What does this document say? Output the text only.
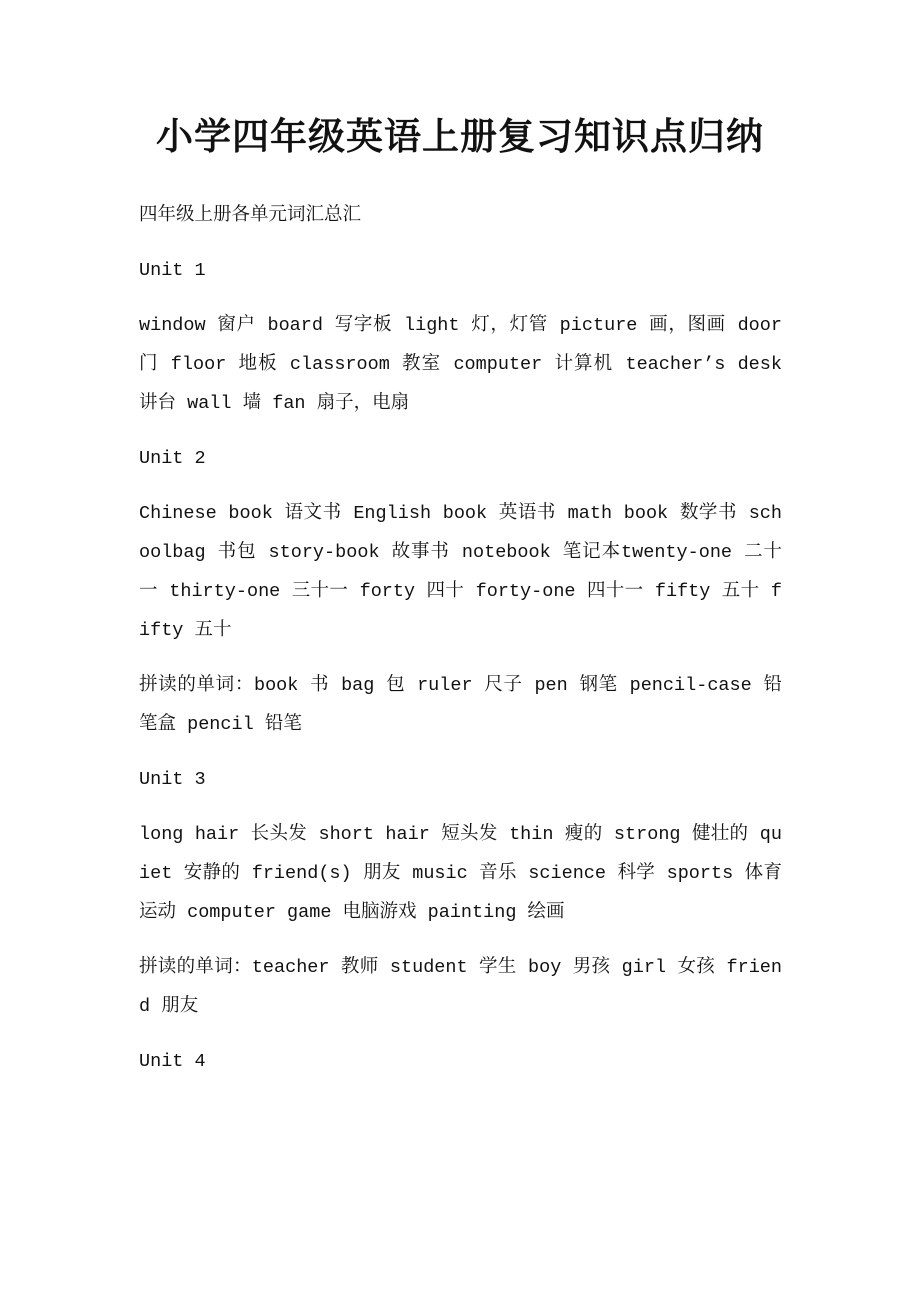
小学四年级英语上册复习知识点归纳

四年级上册各单元词汇总汇

Unit 1

window 窗户 board 写字板 light 灯，灯管 picture 画，图画 door 门 floor 地板 classroom 教室 computer 计算机 teacher’s desk 讲台 wall 墙 fan 扇子，电扇

Unit 2

Chinese book 语文书 English book 英语书 math book 数学书 schoolbag 书包 story-book 故事书 notebook 笔记本twenty-one 二十一 thirty-one 三十一 forty 四十 forty-one 四十一 fifty 五十 fifty 五十

拼读的单词：book 书 bag 包 ruler 尺子 pen 钢笔 pencil-case 铅笔盒 pencil 铅笔

Unit 3

long hair 长头发 short hair 短头发 thin 瘦的 strong 健壮的 quiet 安静的 friend(s) 朋友 music 音乐 science 科学 sports 体育运动 computer game 电脑游戏 painting 绘画

拼读的单词：teacher 教师 student 学生 boy 男孩 girl 女孩 friend 朋友

Unit 4
